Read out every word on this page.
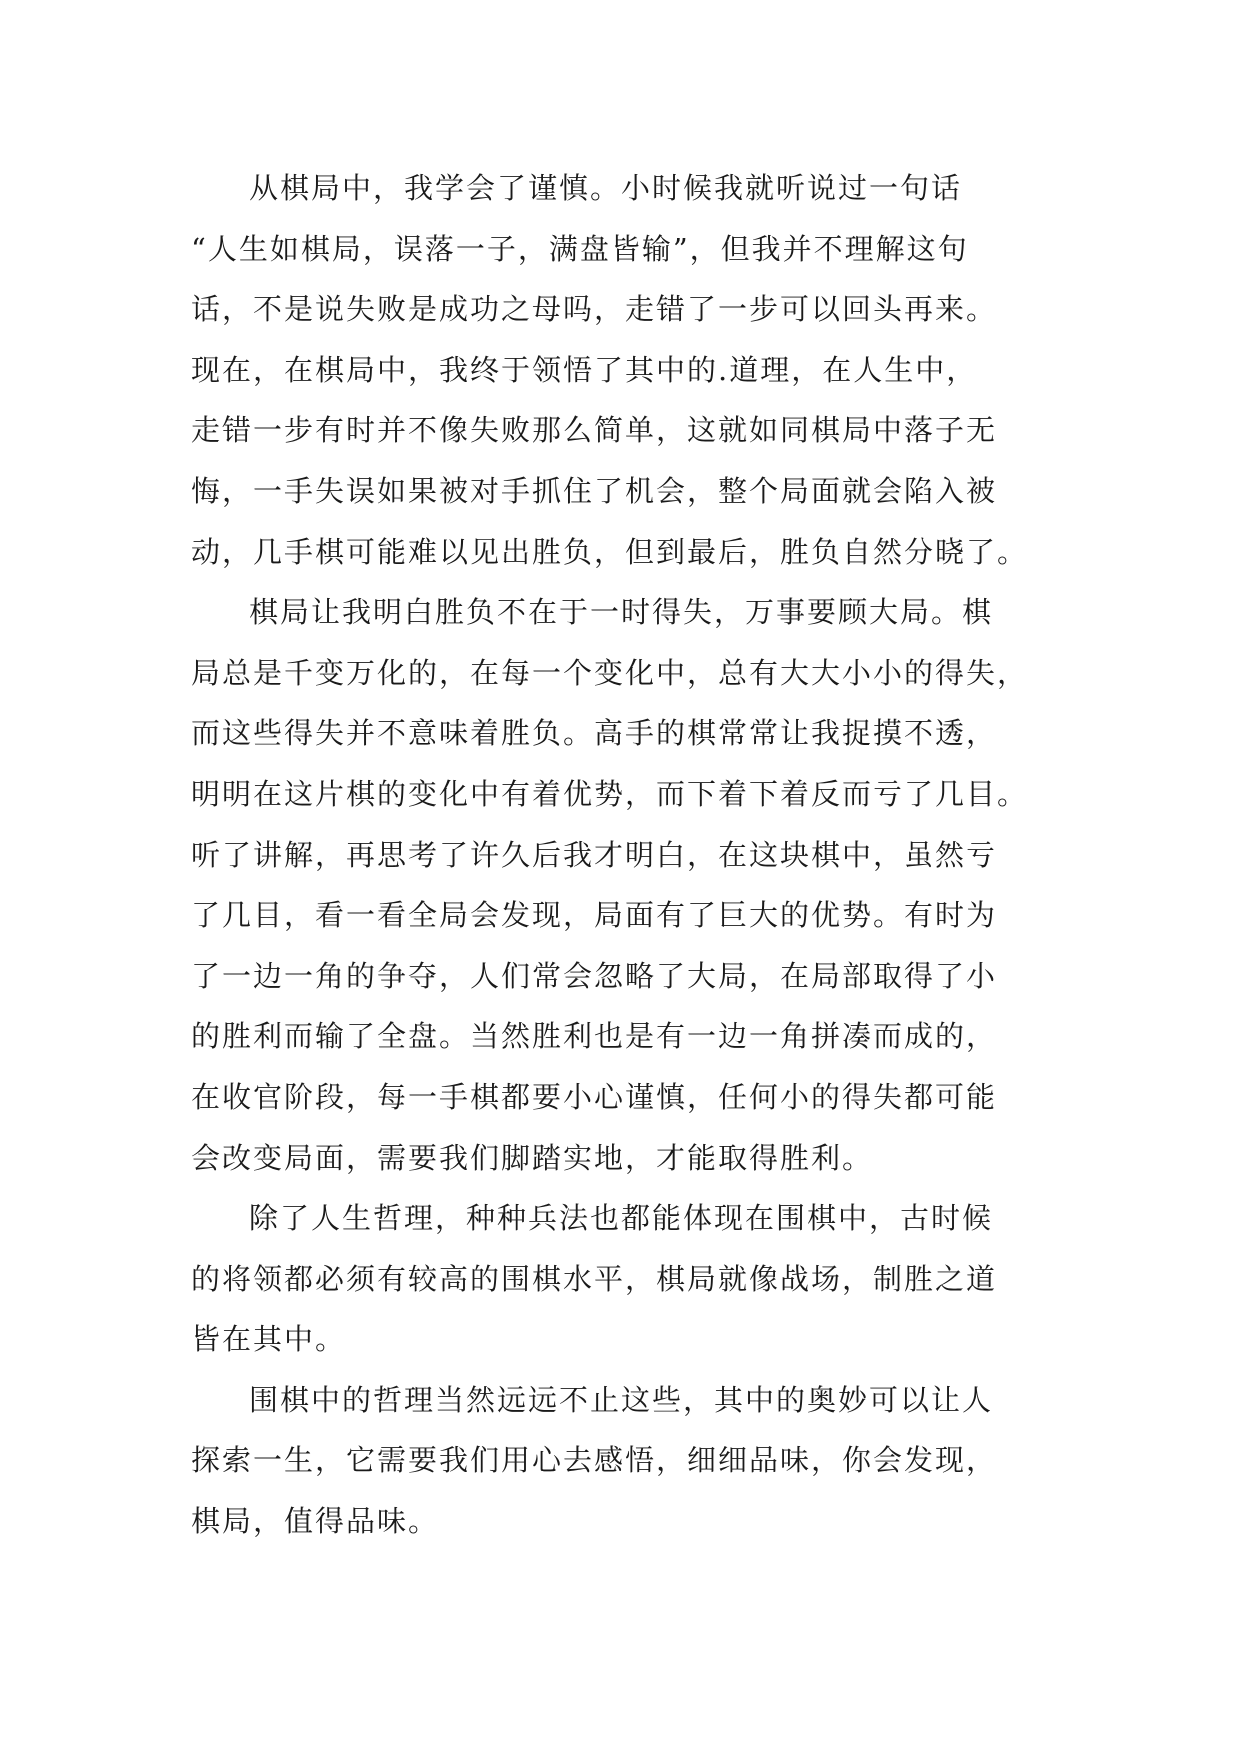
从棋局中，我学会了谨慎。小时候我就听说过一句话
“人生如棋局，误落一子，满盘皆输”，但我并不理解这句
话，不是说失败是成功之母吗，走错了一步可以回头再来。
现在，在棋局中，我终于领悟了其中的.道理，在人生中，
走错一步有时并不像失败那么简单，这就如同棋局中落子无
悔，一手失误如果被对手抓住了机会，整个局面就会陷入被
动，几手棋可能难以见出胜负，但到最后，胜负自然分晓了。
棋局让我明白胜负不在于一时得失，万事要顾大局。棋
局总是千变万化的，在每一个变化中，总有大大小小的得失，
而这些得失并不意味着胜负。高手的棋常常让我捉摸不透，
明明在这片棋的变化中有着优势，而下着下着反而亏了几目。
听了讲解，再思考了许久后我才明白，在这块棋中，虽然亏
了几目，看一看全局会发现，局面有了巨大的优势。有时为
了一边一角的争夺，人们常会忽略了大局，在局部取得了小
的胜利而输了全盘。当然胜利也是有一边一角拼凑而成的，
在收官阶段，每一手棋都要小心谨慎，任何小的得失都可能
会改变局面，需要我们脚踏实地，才能取得胜利。
除了人生哲理，种种兵法也都能体现在围棋中，古时候
的将领都必须有较高的围棋水平，棋局就像战场，制胜之道
皆在其中。
围棋中的哲理当然远远不止这些，其中的奥妙可以让人
探索一生，它需要我们用心去感悟，细细品味，你会发现，
棋局，值得品味。
